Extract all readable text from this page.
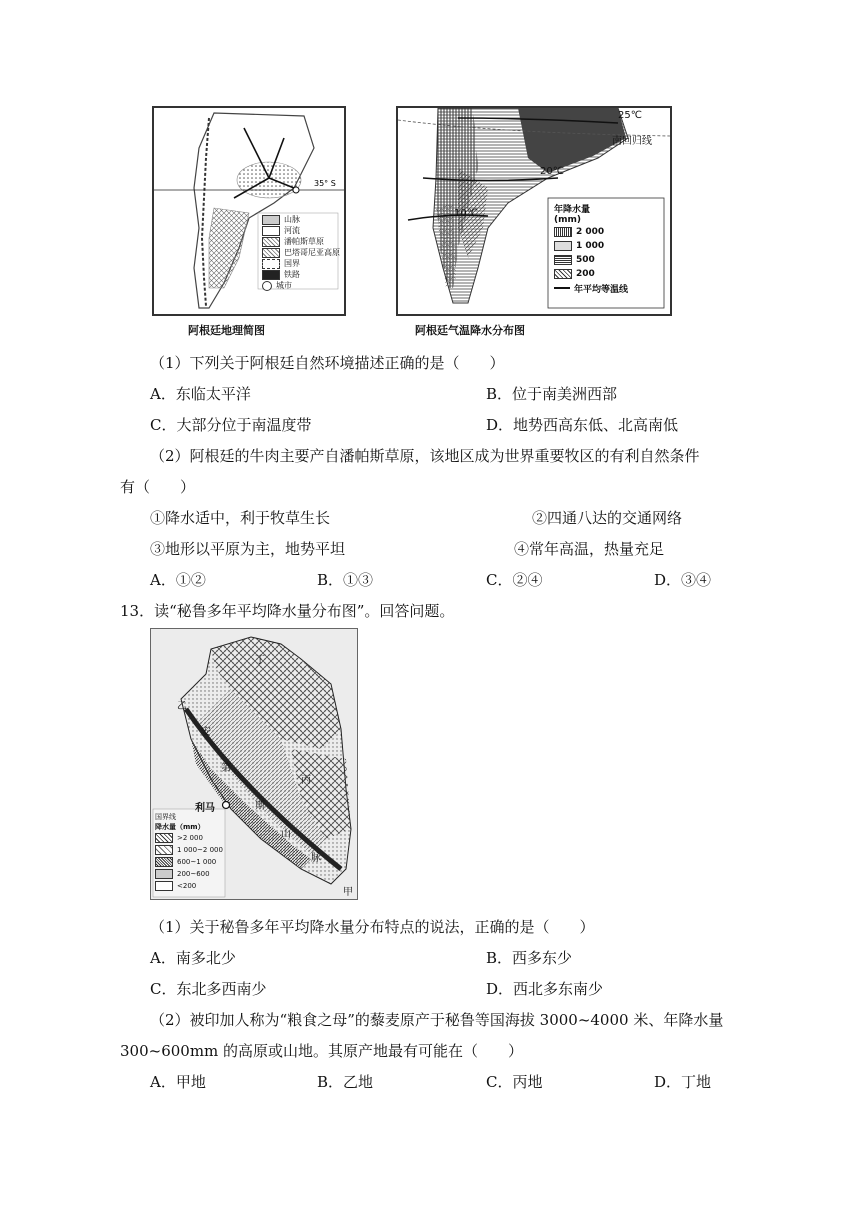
35° S
山脉
河流
潘帕斯草原
巴塔哥尼亚高原
国界
铁路
城市
阿根廷地理简图
25℃
南回归线
20℃
10℃	年降水量
(mm)
2 000
1 000
500
200
年平均等温线
阿根廷气温降水分布图
（1）下列关于阿根廷自然环境描述正确的是（　　）
A．东临太平洋	B．位于南美洲西部
C．大部分位于南温度带	D．地势西高东低、北高南低
（2）阿根廷的牛肉主要产自潘帕斯草原，该地区成为世界重要牧区的有利自然条件
有（　　）
①降水适中，利于牧草生长	②四通八达的交通网络
③地形以平原为主，地势平坦	④常年高温，热量充足
A．①②	B．①③	C．②④	D．③④
13．读“秘鲁多年平均降水量分布图”。回答问题。
丁
乙
安
第
丙
利马	斯
山
脉
甲
国界线
降水量（mm）
>2 000
1 000~2 000
600~1 000
200~600
<200
（1）关于秘鲁多年平均降水量分布特点的说法，正确的是（　　）
A．南多北少	B．西多东少
C．东北多西南少	D．西北多东南少
（2）被印加人称为“粮食之母”的藜麦原产于秘鲁等国海拔 3000~4000 米、年降水量
300~600mm 的高原或山地。其原产地最有可能在（　　）
A．甲地	B．乙地	C．丙地	D．丁地
